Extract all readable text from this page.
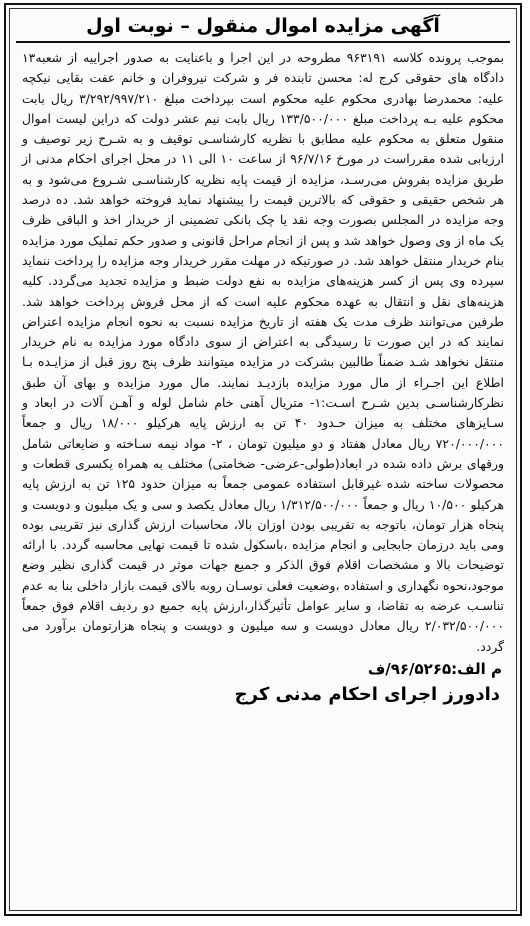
آگهی مزایده اموال منقول – نوبت اول

بموجب پرونده کلاسه ۹۶۳۱۹۱ مطروحه در این اجرا و باعنایت به صدور اجراییه از شعبه۱۳ دادگاه های حقوقی کرج له: محسن تابنده فر و شرکت نیروفران و خانم عفت بقایی نیکچه علیه: محمدرضا بهادری محکوم علیه محکوم است بپرداخت مبلغ ۳/۲۹۲/۹۹۷/۲۱۰ ریال بابت محکوم علیه بـه پرداخت مبلغ ۱۳۳/۵۰۰/۰۰۰ ریال بابت نیم عشر دولت که دراین لیست اموال منقول متعلق به محکوم علیه مطابق با نظریه کارشناسـی توقیف و به شـرح زیر توصیف و ارزیابی شده مقرراست در مورخ ۹۶/۷/۱۶ از ساعت ۱۰ الی ۱۱ در محل اجرای احکام مدنی از طریق مزایده بفروش می‌رسـد، مزایده از قیمت پایه نظریه کارشناسـی شـروع می‌شود و به هر شخص حقیقی و حقوقی که بالاترین قیمت را پیشنهاد نماید فروخته خواهد شد. ده درصد وجه مزایده در المجلس بصورت وجه نقد یا چک بانکی تضمینی از خریدار اخذ و الباقی ظرف یک ماه از وی وصول خواهد شد و پس از انجام مراحل قانونی و صدور حکم تملیک مورد مزایده بنام خریدار منتقل خواهد شد. در صورتیکه در مهلت مقرر خریدار وجه مزایده را پرداخت ننماید سپرده وی پس از کسر هزینه‌های مزایده به نفع دولت ضبط و مزایده تجدید می‌گردد. کلیه هزینه‌های نقل و انتقال به عهده محکوم علیه است که از محل فروش پرداخت خواهد شد. طرفین می‌توانند ظرف مدت یک هفته از تاریخ مزایده نسبت به نحوه انجام مزایده اعتراض نمایند که در این صورت تا رسیدگی به اعتراض از سوی دادگاه مورد مزایده به نام خریدار منتقل نخواهد شـد ضمناً طالبین بشرکت در مزایده میتوانند ظرف پنج روز قبل از مزایـده بـا اطلاع این اجـراء از مال مورد مزایده بازدیـد نمایند. مال مورد مزایده و بهای آن طبق نظرکارشناسـی بدین شـرح اسـت:۱- متریال آهنی خام شامل لوله و آهـن آلات در ابعاد و سـایزهای مختلف به میزان حـدود ۴۰ تن به ارزش پایه هرکیلو ۱۸/۰۰۰ ریال و جمعاً ۷۲۰/۰۰۰/۰۰۰ ریال معادل هفتاد و دو میلیون تومان ، ۲- مواد نیمه سـاخته و ضایعاتی شامل ورقهای برش داده شده در ابعاد(طولی-عرضی- ضخامتی) مختلف به همراه یکسری قطعات و محصولات ساخته شده غیرقابل استفاده عمومی جمعاً به میزان حدود ۱۲۵ تن به ارزش پایه هرکیلو ۱۰/۵۰۰ ریال و جمعاً ۱/۳۱۲/۵۰۰/۰۰۰ ریال معادل یکصد و سی و یک میلیون و دویست و پنجاه هزار تومان، باتوجه به تقریبی بودن اوزان بالا، محاسبات ارزش گذاری نیز تقریبی بوده ومی باید درزمان جابجایی و انجام مزایده ،باسکول شده تا قیمت نهایی محاسبه گردد. با ارائه توضیحات بالا و مشخصات اقلام فوق الذکر و جمیع جهات موثر در قیمت گذاری نظیر وضع موجود،نحوه نگهداری و استفاده ،وضعیت فعلی نوسـان روبه بالای قیمت بازار داخلی بنا به عدم تناسـب عرضه به تقاضا، و سایر عوامل تأثیرگذار،ارزش پایه جمیع دو ردیف اقلام فوق جمعاً ۲/۰۳۲/۵۰۰/۰۰۰ ریال معادل دویست و سه میلیون و دویست و پنجاه هزارتومان برآورد می گردد.

م الف:۹۶/۵۲۶۵/ف
دادورز اجرای احکام مدنی کرج
